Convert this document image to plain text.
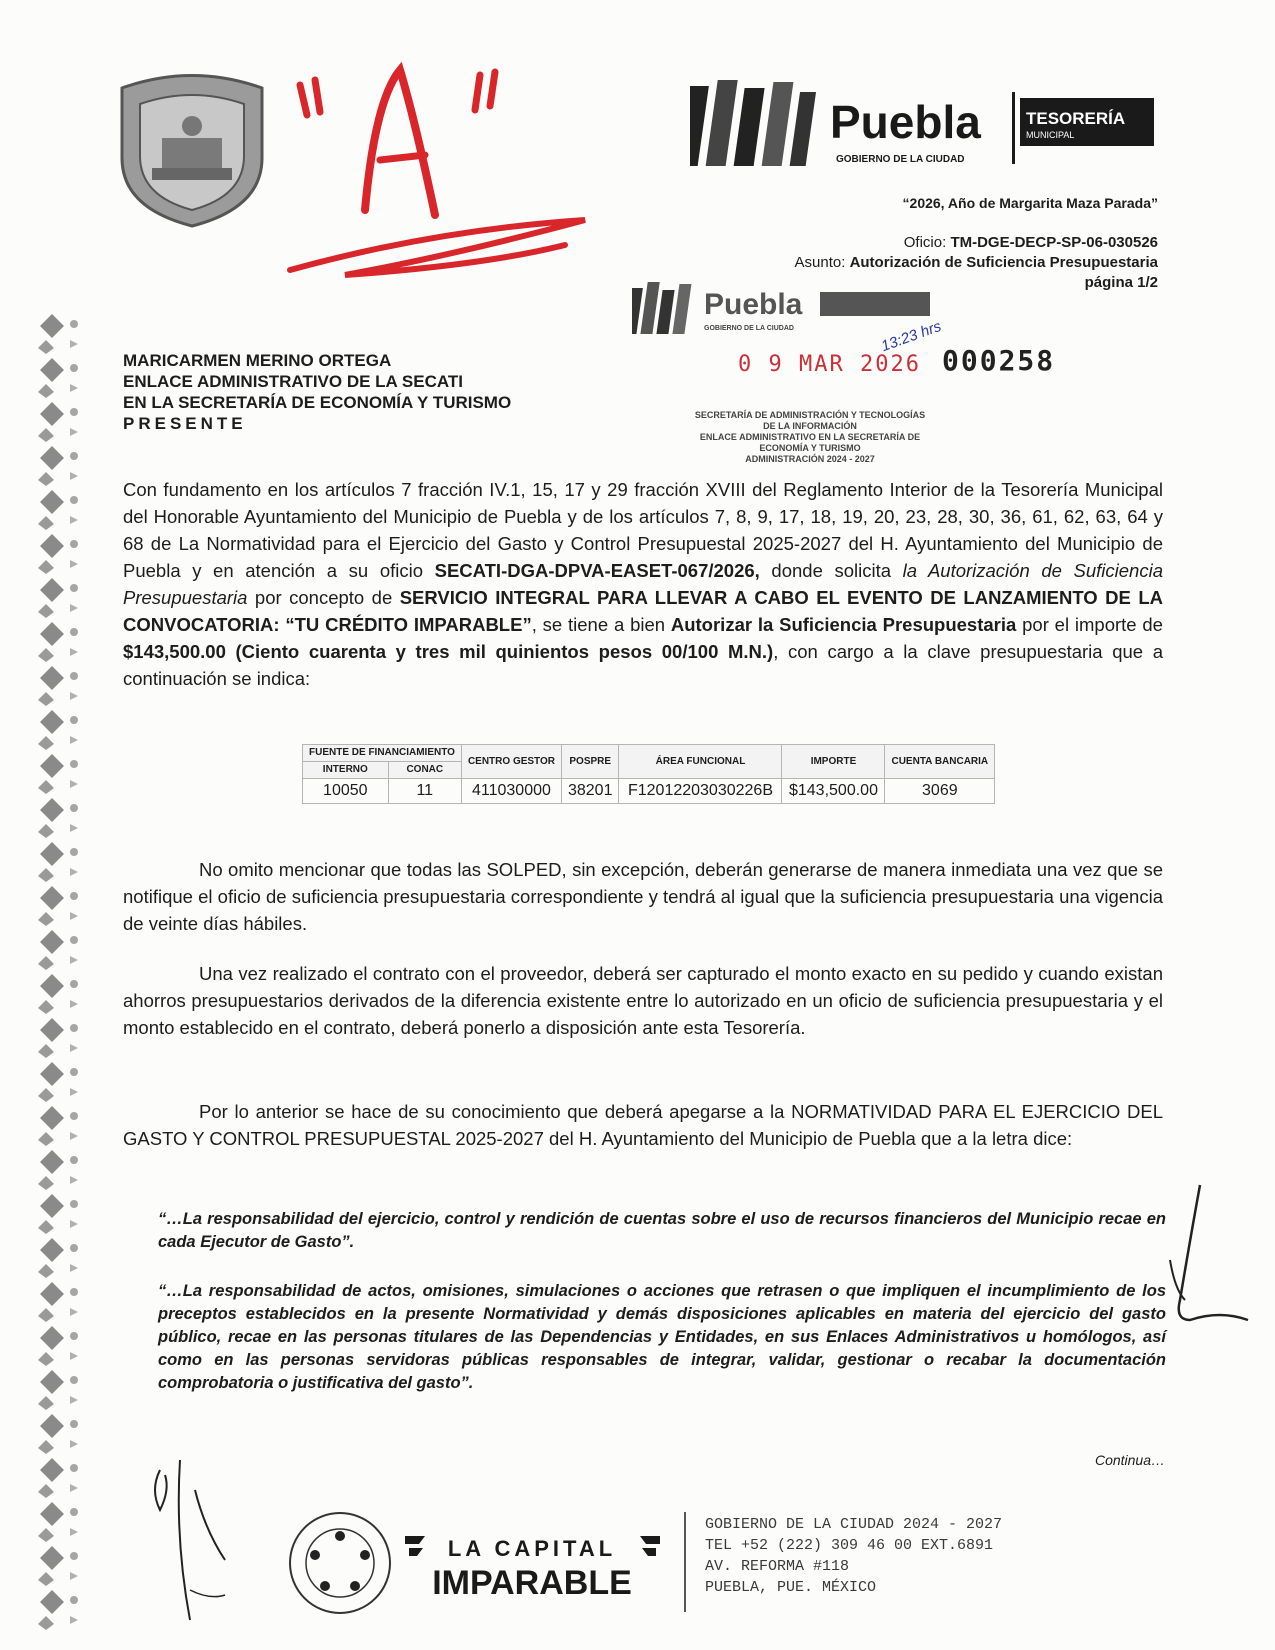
Puebla
GOBIERNO DE LA CIUDAD
TESORERÍA
MUNICIPAL
“2026, Año de Margarita Maza Parada”
Oficio: TM-DGE-DECP-SP-06-030526
Asunto: Autorización de Suficiencia Presupuestaria
página 1/2
Puebla
GOBIERNO DE LA CIUDAD
0 9 MAR 2026
13:23 hrs
000258
SECRETARÍA DE ADMINISTRACIÓN Y TECNOLOGÍAS
DE LA INFORMACIÓN
ENLACE ADMINISTRATIVO EN LA SECRETARÍA DE
ECONOMÍA Y TURISMO
ADMINISTRACIÓN 2024 - 2027
MARICARMEN MERINO ORTEGA
ENLACE ADMINISTRATIVO DE LA SECATI
EN LA SECRETARÍA DE ECONOMÍA Y TURISMO
PRESENTE
Con fundamento en los artículos 7 fracción IV.1, 15, 17 y 29 fracción XVIII del Reglamento Interior de la Tesorería Municipal del Honorable Ayuntamiento del Municipio de Puebla y de los artículos 7, 8, 9, 17, 18, 19, 20, 23, 28, 30, 36, 61, 62, 63, 64 y 68 de La Normatividad para el Ejercicio del Gasto y Control Presupuestal 2025-2027 del H. Ayuntamiento del Municipio de Puebla y en atención a su oficio SECATI-DGA-DPVA-EASET-067/2026, donde solicita la Autorización de Suficiencia Presupuestaria por concepto de SERVICIO INTEGRAL PARA LLEVAR A CABO EL EVENTO DE LANZAMIENTO DE LA CONVOCATORIA: “TU CRÉDITO IMPARABLE”, se tiene a bien Autorizar la Suficiencia Presupuestaria por el importe de $143,500.00 (Ciento cuarenta y tres mil quinientos pesos 00/100 M.N.), con cargo a la clave presupuestaria que a continuación se indica:
FUENTE DE FINANCIAMIENTO		CENTRO GESTOR	POSPRE	ÁREA FUNCIONAL	IMPORTE	CUENTA BANCARIA
INTERNO	CONAC					
10050	11	411030000	38201	F12012203030226B	$143,500.00	3069
No omito mencionar que todas las SOLPED, sin excepción, deberán generarse de manera inmediata una vez que se notifique el oficio de suficiencia presupuestaria correspondiente y tendrá al igual que la suficiencia presupuestaria una vigencia de veinte días hábiles.
Una vez realizado el contrato con el proveedor, deberá ser capturado el monto exacto en su pedido y cuando existan ahorros presupuestarios derivados de la diferencia existente entre lo autorizado en un oficio de suficiencia presupuestaria y el monto establecido en el contrato, deberá ponerlo a disposición ante esta Tesorería.
Por lo anterior se hace de su conocimiento que deberá apegarse a la NORMATIVIDAD PARA EL EJERCICIO DEL GASTO Y CONTROL PRESUPUESTAL 2025-2027 del H. Ayuntamiento del Municipio de Puebla que a la letra dice:
“…La responsabilidad del ejercicio, control y rendición de cuentas sobre el uso de recursos financieros del Municipio recae en cada Ejecutor de Gasto”.
“…La responsabilidad de actos, omisiones, simulaciones o acciones que retrasen o que impliquen el incumplimiento de los preceptos establecidos en la presente Normatividad y demás disposiciones aplicables en materia del ejercicio del gasto público, recae en las personas titulares de las Dependencias y Entidades, en sus Enlaces Administrativos u homólogos, así como en las personas servidoras públicas responsables de integrar, validar, gestionar o recabar la documentación comprobatoria o justificativa del gasto”.
Continua…
LA CAPITAL
IMPARABLE
GOBIERNO DE LA CIUDAD 2024 - 2027
TEL +52 (222) 309 46 00 EXT.6891
AV. REFORMA #118
PUEBLA, PUE. MÉXICO
